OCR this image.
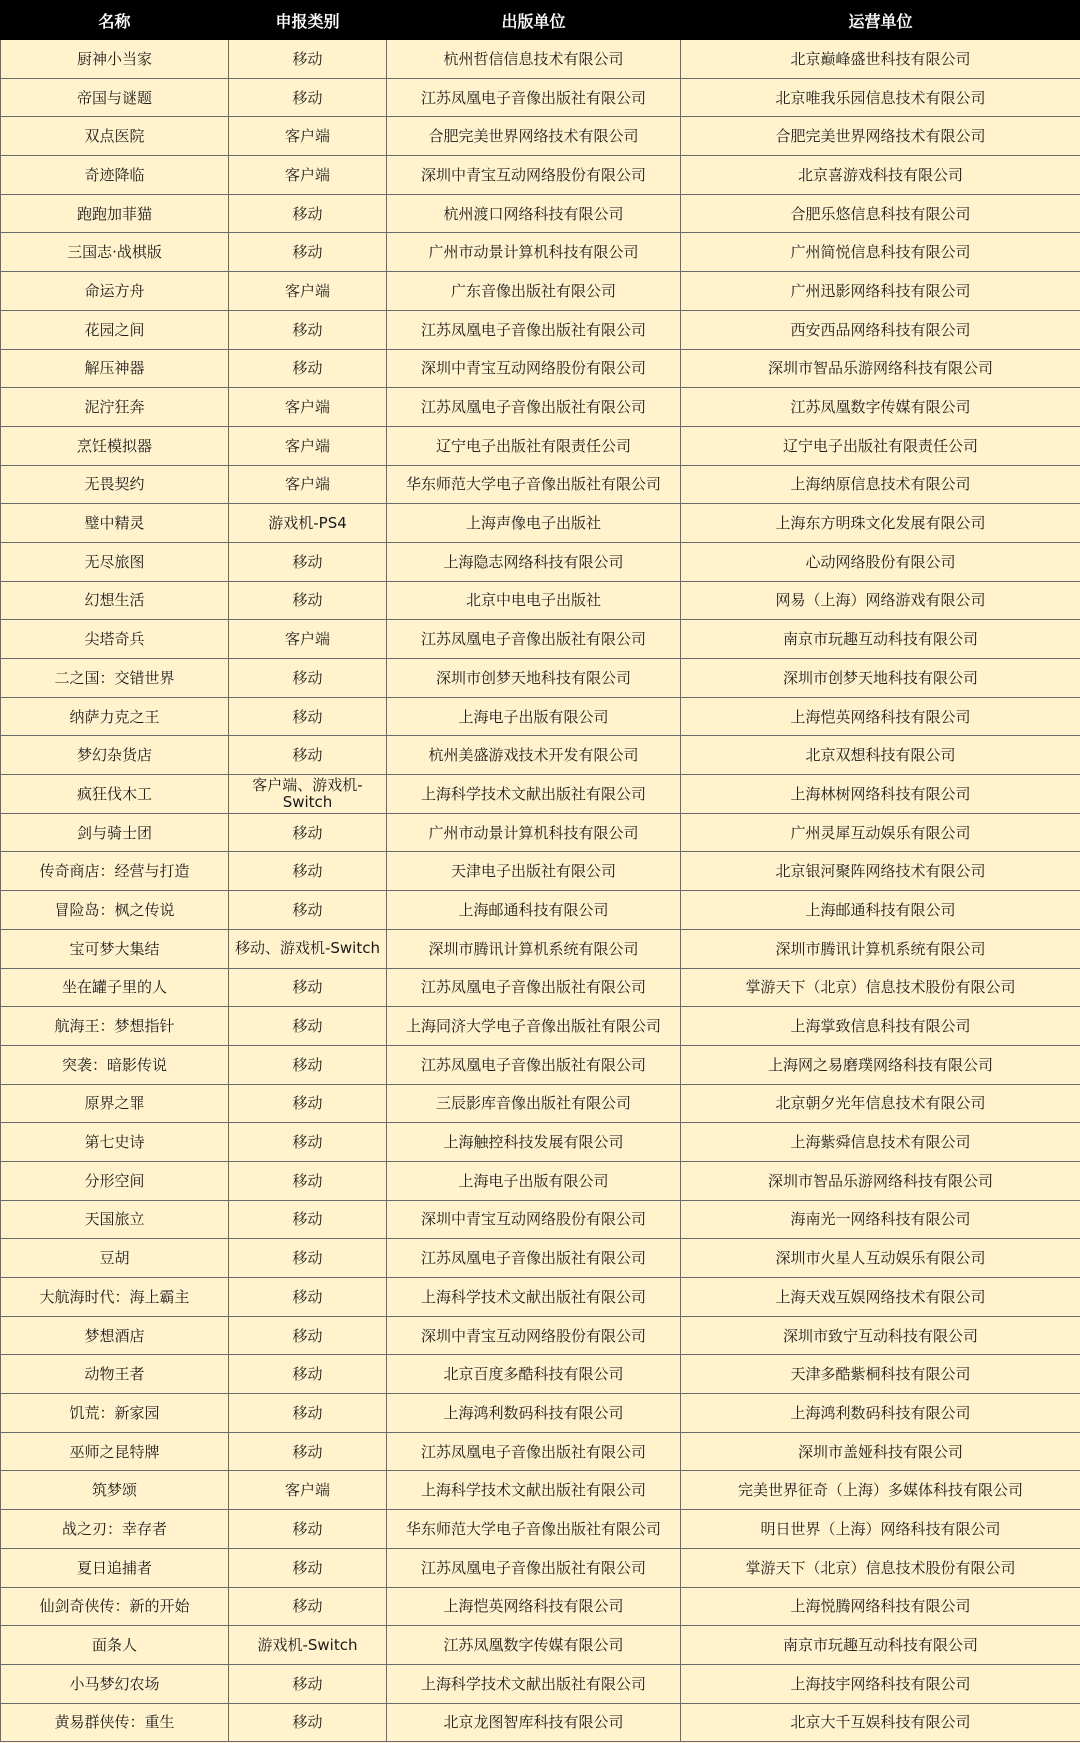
名称	申报类别	出版单位	运营单位
厨神小当家	移动	杭州哲信信息技术有限公司	北京巅峰盛世科技有限公司
帝国与谜题	移动	江苏凤凰电子音像出版社有限公司	北京唯我乐园信息技术有限公司
双点医院	客户端	合肥完美世界网络技术有限公司	合肥完美世界网络技术有限公司
奇迹降临	客户端	深圳中青宝互动网络股份有限公司	北京喜游戏科技有限公司
跑跑加菲猫	移动	杭州渡口网络科技有限公司	合肥乐悠信息科技有限公司
三国志·战棋版	移动	广州市动景计算机科技有限公司	广州简悦信息科技有限公司
命运方舟	客户端	广东音像出版社有限公司	广州迅影网络科技有限公司
花园之间	移动	江苏凤凰电子音像出版社有限公司	西安西品网络科技有限公司
解压神器	移动	深圳中青宝互动网络股份有限公司	深圳市智品乐游网络科技有限公司
泥泞狂奔	客户端	江苏凤凰电子音像出版社有限公司	江苏凤凰数字传媒有限公司
烹饪模拟器	客户端	辽宁电子出版社有限责任公司	辽宁电子出版社有限责任公司
无畏契约	客户端	华东师范大学电子音像出版社有限公司	上海纳原信息技术有限公司
璧中精灵	游戏机-PS4	上海声像电子出版社	上海东方明珠文化发展有限公司
无尽旅图	移动	上海隐志网络科技有限公司	心动网络股份有限公司
幻想生活	移动	北京中电电子出版社	网易（上海）网络游戏有限公司
尖塔奇兵	客户端	江苏凤凰电子音像出版社有限公司	南京市玩趣互动科技有限公司
二之国：交错世界	移动	深圳市创梦天地科技有限公司	深圳市创梦天地科技有限公司
纳萨力克之王	移动	上海电子出版有限公司	上海恺英网络科技有限公司
梦幻杂货店	移动	杭州美盛游戏技术开发有限公司	北京双想科技有限公司
疯狂伐木工	客户端、游戏机-Switch	上海科学技术文献出版社有限公司	上海林树网络科技有限公司
剑与骑士团	移动	广州市动景计算机科技有限公司	广州灵犀互动娱乐有限公司
传奇商店：经营与打造	移动	天津电子出版社有限公司	北京银河聚阵网络技术有限公司
冒险岛：枫之传说	移动	上海邮通科技有限公司	上海邮通科技有限公司
宝可梦大集结	移动、游戏机-Switch	深圳市腾讯计算机系统有限公司	深圳市腾讯计算机系统有限公司
坐在罐子里的人	移动	江苏凤凰电子音像出版社有限公司	掌游天下（北京）信息技术股份有限公司
航海王：梦想指针	移动	上海同济大学电子音像出版社有限公司	上海掌致信息科技有限公司
突袭：暗影传说	移动	江苏凤凰电子音像出版社有限公司	上海网之易磨璞网络科技有限公司
原界之罪	移动	三辰影库音像出版社有限公司	北京朝夕光年信息技术有限公司
第七史诗	移动	上海触控科技发展有限公司	上海紫舜信息技术有限公司
分形空间	移动	上海电子出版有限公司	深圳市智品乐游网络科技有限公司
天国旅立	移动	深圳中青宝互动网络股份有限公司	海南光一网络科技有限公司
豆胡	移动	江苏凤凰电子音像出版社有限公司	深圳市火星人互动娱乐有限公司
大航海时代：海上霸主	移动	上海科学技术文献出版社有限公司	上海天戏互娱网络技术有限公司
梦想酒店	移动	深圳中青宝互动网络股份有限公司	深圳市致宁互动科技有限公司
动物王者	移动	北京百度多酷科技有限公司	天津多酷紫桐科技有限公司
饥荒：新家园	移动	上海鸿利数码科技有限公司	上海鸿利数码科技有限公司
巫师之昆特牌	移动	江苏凤凰电子音像出版社有限公司	深圳市盖娅科技有限公司
筑梦颂	客户端	上海科学技术文献出版社有限公司	完美世界征奇（上海）多媒体科技有限公司
战之刃：幸存者	移动	华东师范大学电子音像出版社有限公司	明日世界（上海）网络科技有限公司
夏日追捕者	移动	江苏凤凰电子音像出版社有限公司	掌游天下（北京）信息技术股份有限公司
仙剑奇侠传：新的开始	移动	上海恺英网络科技有限公司	上海悦腾网络科技有限公司
面条人	游戏机-Switch	江苏凤凰数字传媒有限公司	南京市玩趣互动科技有限公司
小马梦幻农场	移动	上海科学技术文献出版社有限公司	上海技宇网络科技有限公司
黄易群侠传：重生	移动	北京龙图智库科技有限公司	北京大千互娱科技有限公司
